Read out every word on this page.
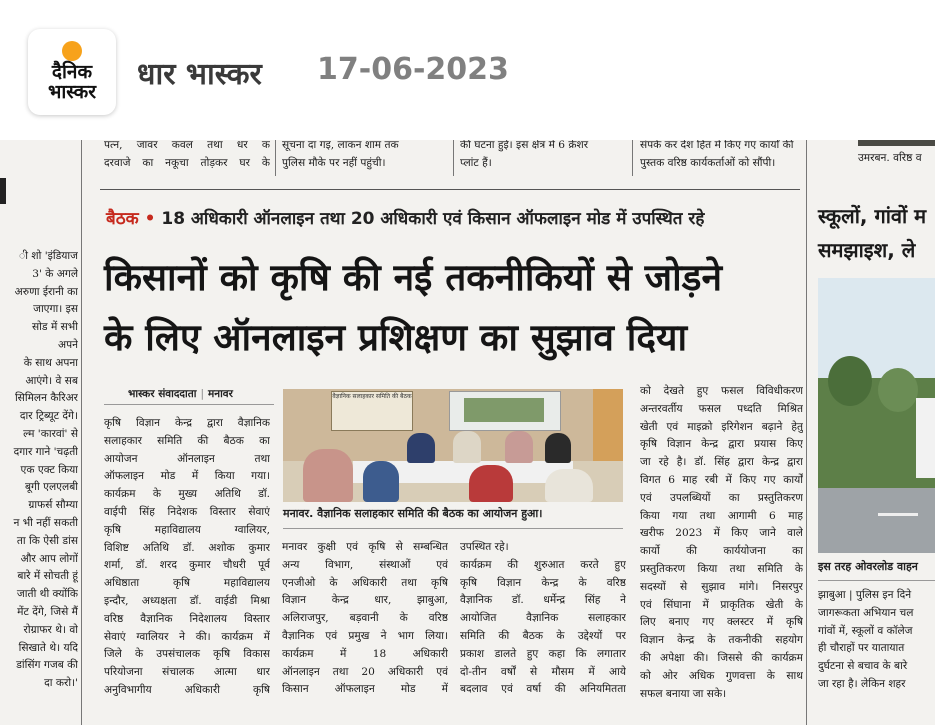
दैनिक
भास्कर	धार भास्कर 17-06-2023

पत्न, जावर कवल तथा धर क

दरवाजे का नकूचा तोड़कर घर के

सूचना दा गइ, लाकन शाम तक

पुलिस मौके पर नहीं पहुंची।

की घटना हुई। इस क्षेत्र में 6 क्रेशर

प्लांट हैं।

संपर्क कर देश हित में किए गए कार्यों की

पुस्तक वरिष्ठ कार्यकर्ताओं को सौंपी।	उमरबन. वरिष्ठ व

ी शो 'इंडियाज

3' के अगले

अरुणा ईरानी का

जाएगा। इस

सोड में सभी

अपने

के साथ अपना

आएंगे। वे सब

सिमिलन कैरिअर

दार ट्रिब्यूट देंगे।

ल्म 'कारवां' से

दगार गाने 'चढ़ती

एक एक्ट किया

बूगी एलएलबी

ग्राफर्स सौम्या

न भी नहीं सकती

ता कि ऐसी डांस

और आप लोगों

बारे में सोचती हूं

जाती थी क्योंकि

मेंट देंगे, जिसे मैं

रोग्राफर थे। वो

सिखाते थे। यदि

डांसिंग गजब की

दा करो।'

बैठक • 18 अधिकारी ऑनलाइन तथा 20 अधिकारी एवं किसान ऑफलाइन मोड में उपस्थित रहे
किसानों को कृषि की नई तकनीकियों से जोड़ने
के लिए ऑनलाइन प्रशिक्षण का सुझाव दिया
भास्कर संवाददाता | मनावर

कृषि विज्ञान केन्द्र द्वारा वैज्ञानिक

सलाहकार समिति की बैठक का

आयोजन ऑनलाइन तथा

ऑफलाइन मोड में किया गया।

कार्यक्रम के मुख्य अतिथि डॉ.

वाईपी सिंह निदेशक विस्तार सेवाएं

कृषि महाविद्यालय ग्वालियर,

विशिष्ट अतिथि डॉ. अशोक कुमार

शर्मा, डॉ. शरद कुमार चौधरी पूर्व

अधिष्ठाता कृषि महाविद्यालय

इन्दौर, अध्यक्षता डॉ. वाईडी मिश्रा

वरिष्ठ वैज्ञानिक निदेशालय विस्तार

सेवाएं ग्वालियर ने की। कार्यक्रम में

जिले के उपसंचालक कृषि विकास

परियोजना संचालक आत्मा धार

अनुविभागीय अधिकारी कृषि

वैज्ञानिक सलाहकार समिति की बैठक
मनावर. वैज्ञानिक सलाहकार समिति की बैठक का आयोजन हुआ।

मनावर कुक्षी एवं कृषि से सम्बन्धित

अन्य विभाग, संस्थाओं एवं

एनजीओ के अधिकारी तथा कृषि

विज्ञान केन्द्र धार, झाबुआ,

अलिराजपुर, बड़वानी के वरिष्ठ

वैज्ञानिक एवं प्रमुख ने भाग लिया।

कार्यक्रम में 18 अधिकारी

ऑनलाइन तथा 20 अधिकारी एवं

किसान ऑफलाइन मोड में

उपस्थित रहे।

कार्यक्रम की शुरुआत करते हुए

कृषि विज्ञान केन्द्र के वरिष्ठ

वैज्ञानिक डॉ. धर्मेन्द्र सिंह ने

आयोजित वैज्ञानिक सलाहकार

समिति की बैठक के उद्देश्यों पर

प्रकाश डालते हुए कहा कि लगातार

दो-तीन वर्षों से मौसम में आये

बदलाव एवं वर्षा की अनियमितता

को देखते हुए फसल विविधीकरण

अन्तरवर्तीय फसल पध्दति मिश्रित

खेती एवं माइक्रो इरिगेशन बढ़ाने हेतु

कृषि विज्ञान केन्द्र द्वारा प्रयास किए

जा रहे है। डॉ. सिंह द्वारा केन्द्र द्वारा

विगत 6 माह रबी में किए गए कार्यों

एवं उपलब्धियों का प्रस्तुतिकरण

किया गया तथा आगामी 6 माह

खरीफ 2023 में किए जाने वाले

कार्यो की कार्ययोजना का

प्रस्तुतिकरण किया तथा समिति के

सदस्यों से सुझाव मांगे। निसरपुर

एवं सिंघाना में प्राकृतिक खेती के

लिए बनाए गए क्लस्टर में कृषि

विज्ञान केन्द्र के तकनीकी सहयोग

की अपेक्षा की। जिससे की कार्यक्रम

को ओर अधिक गुणवत्ता के साथ

सफल बनाया जा सके।

स्कूलों, गांवों म
समझाइश, ले
इस तरह ओवरलोड वाहन

झाबुआ | पुलिस इन दिने

जागरूकता अभियान चल

गांवों में, स्कूलों व कॉलेज

ही चौराहों पर यातायात

दुर्घटना से बचाव के बारे

जा रहा है। लेकिन शहर
